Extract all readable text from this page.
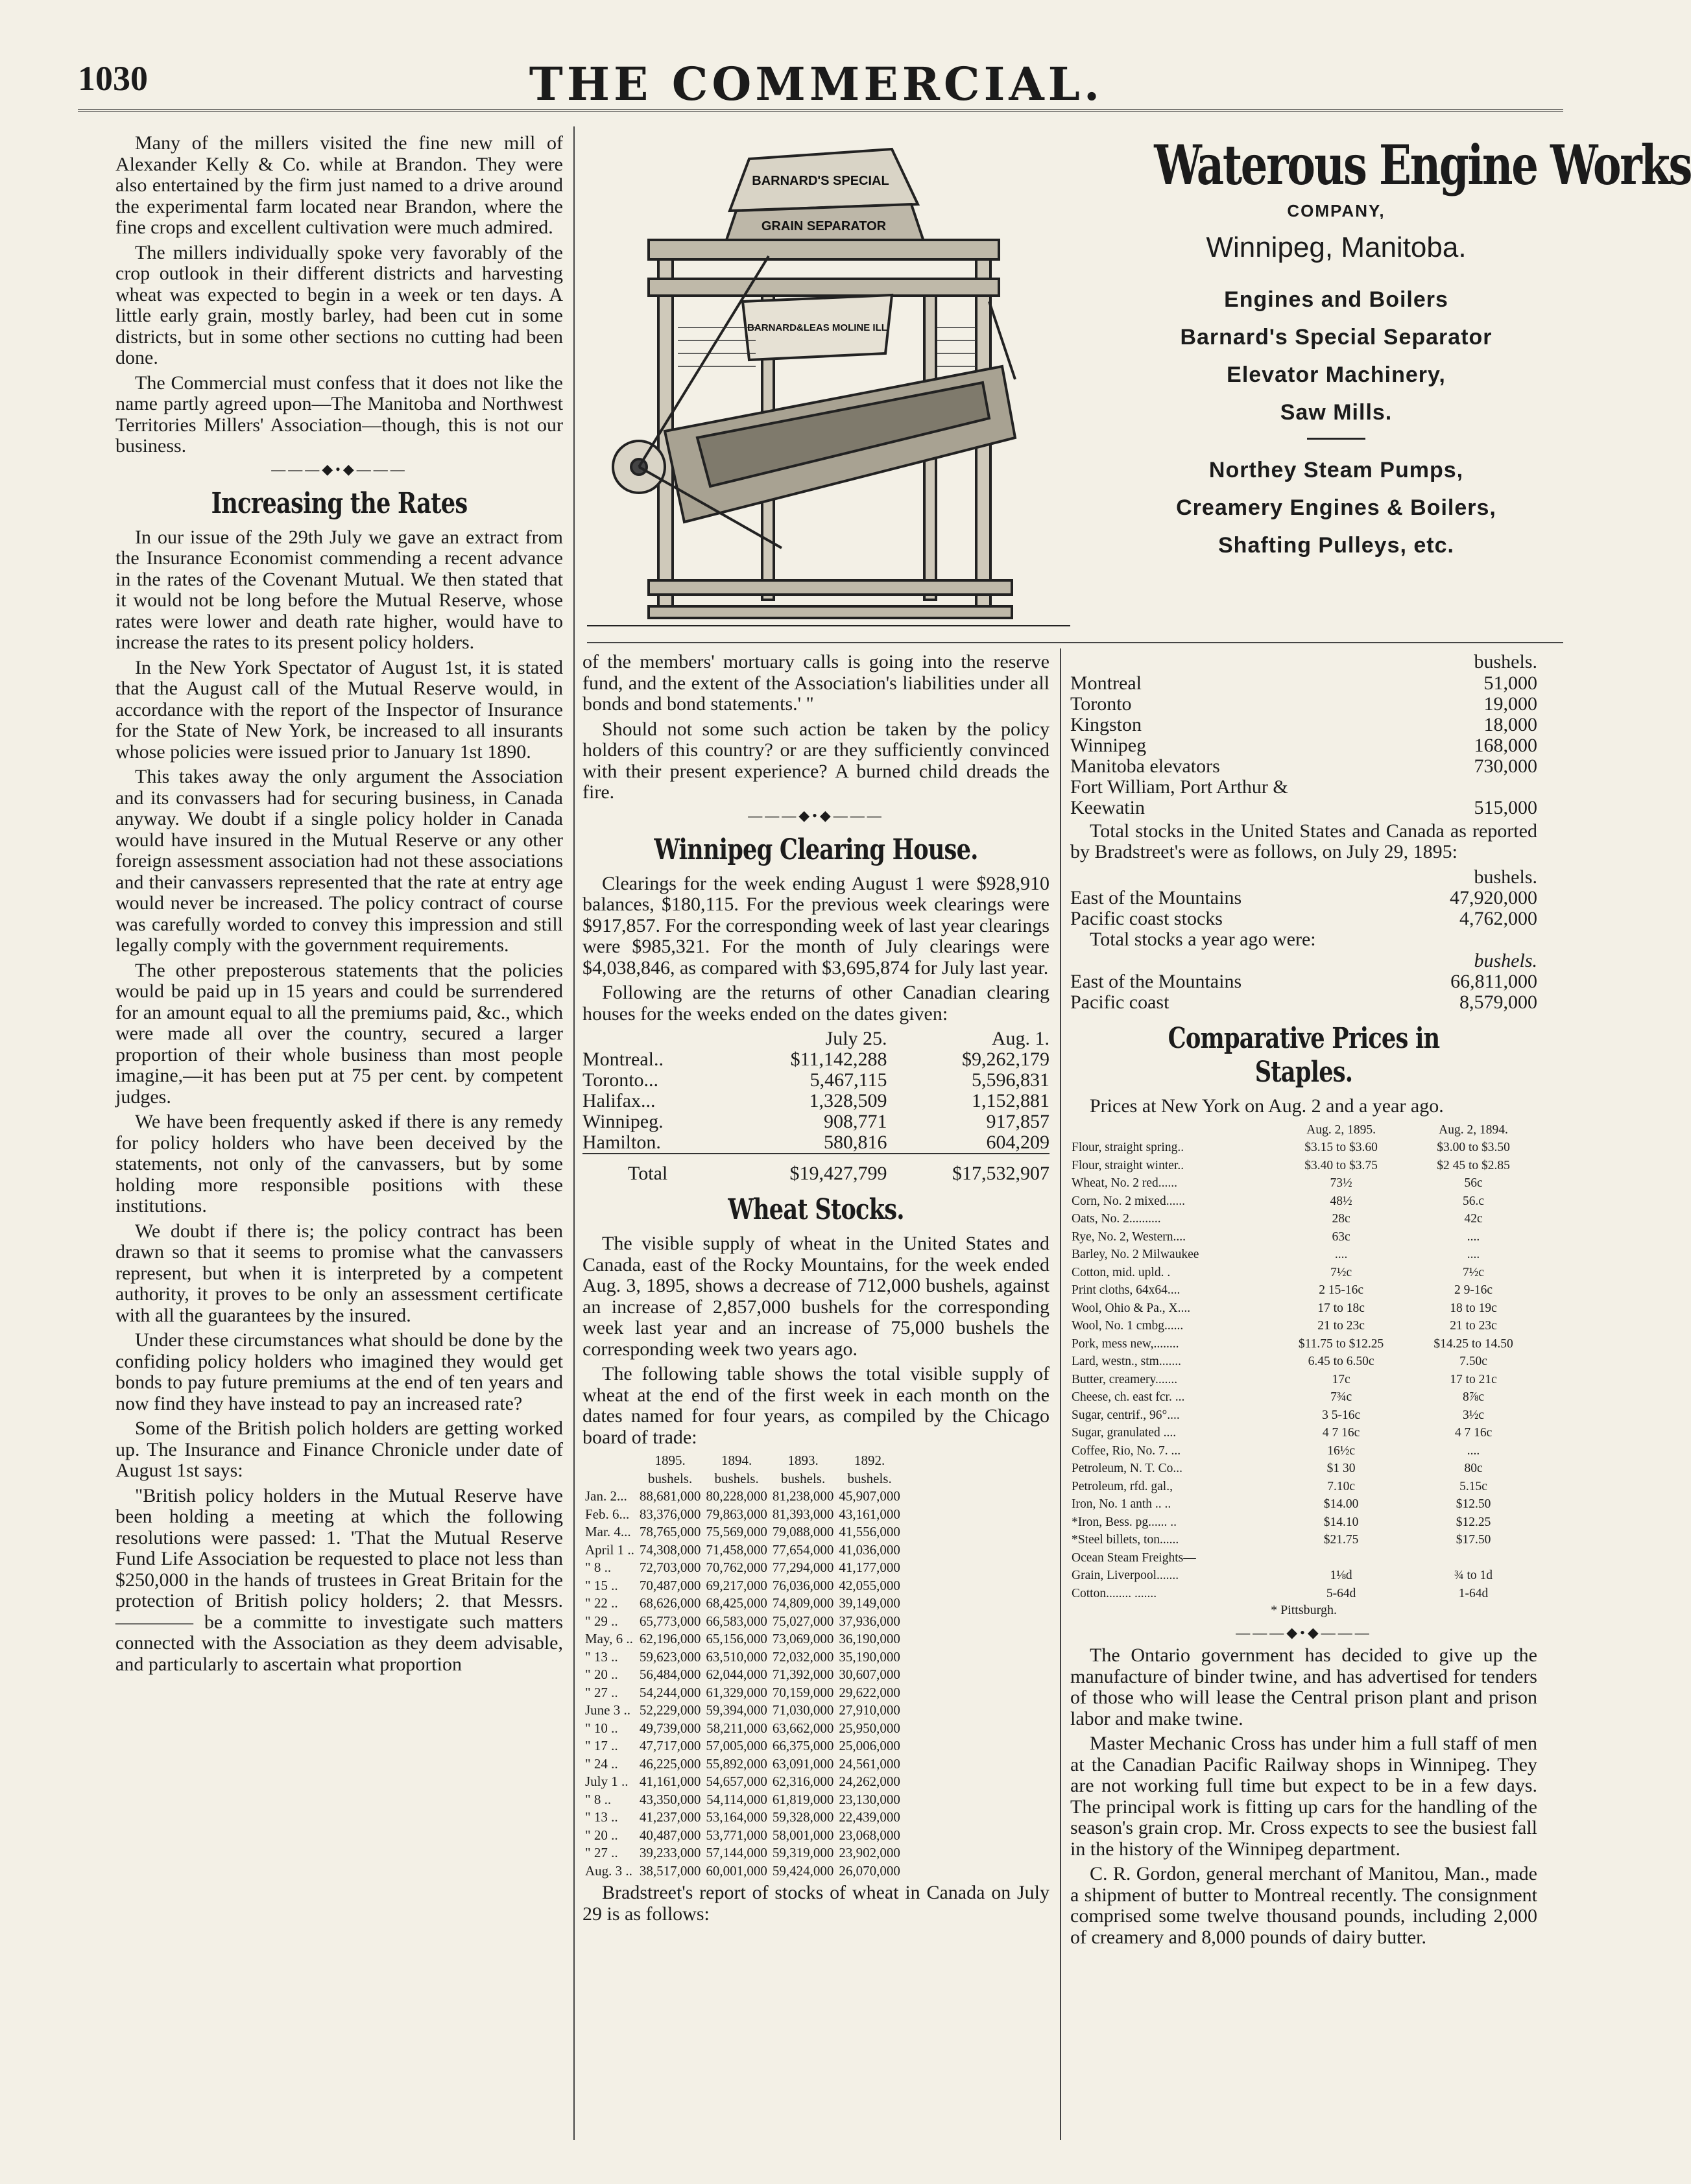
1030	THE COMMERCIAL.

Many of the millers visited the fine new mill of Alexander Kelly & Co. while at Brandon. They were also entertained by the firm just named to a drive around the experimental farm located near Brandon, where the fine crops and excellent cultivation were much admired.

The millers individually spoke very favorably of the crop outlook in their different districts and harvesting wheat was expected to begin in a week or ten days. A little early grain, mostly barley, had been cut in some districts, but in some other sections no cutting had been done.

The Commercial must confess that it does not like the name partly agreed upon—The Manitoba and Northwest Territories Millers' Association—though, this is not our business.

———◆•◆———
Increasing the Rates

In our issue of the 29th July we gave an extract from the Insurance Economist commending a recent advance in the rates of the Covenant Mutual. We then stated that it would not be long before the Mutual Reserve, whose rates were lower and death rate higher, would have to increase the rates to its present policy holders.

In the New York Spectator of August 1st, it is stated that the August call of the Mutual Reserve would, in accordance with the report of the Inspector of Insurance for the State of New York, be increased to all insurants whose policies were issued prior to January 1st 1890.

This takes away the only argument the Association and its convassers had for securing business, in Canada anyway. We doubt if a single policy holder in Canada would have insured in the Mutual Reserve or any other foreign assessment association had not these associations and their canvassers represented that the rate at entry age would never be increased. The policy contract of course was carefully worded to convey this impression and still legally comply with the government requirements.

The other preposterous statements that the policies would be paid up in 15 years and could be surrendered for an amount equal to all the premiums paid, &c., which were made all over the country, secured a larger proportion of their whole business than most people imagine,—it has been put at 75 per cent. by competent judges.

We have been frequently asked if there is any remedy for policy holders who have been deceived by the statements, not only of the canvassers, but by some holding more responsible positions with these institutions.

We doubt if there is; the policy contract has been drawn so that it seems to promise what the canvassers represent, but when it is interpreted by a competent authority, it proves to be only an assessment certificate with all the guarantees by the insured.

Under these circumstances what should be done by the confiding policy holders who imagined they would get bonds to pay future premiums at the end of ten years and now find they have instead to pay an increased rate?

Some of the British polich holders are getting worked up. The Insurance and Finance Chronicle under date of August 1st says:

"British policy holders in the Mutual Reserve have been holding a meeting at which the following resolutions were passed: 1. 'That the Mutual Reserve Fund Life Association be requested to place not less than $250,000 in the hands of trustees in Great Britain for the protection of British policy holders; 2. that Messrs. ———— be a committe to investigate such matters connected with the Association as they deem advisable, and particularly to ascertain what proportion

BARNARD'S SPECIAL
GRAIN SEPARATOR
BARNARD&LEAS MOLINE ILL
Waterous Engine Works
COMPANY,
Winnipeg, Manitoba.
Engines and Boilers
Barnard's Special Separator
Elevator Machinery,
Saw Mills.
Northey Steam Pumps,
Creamery Engines & Boilers,
Shafting Pulleys, etc.

of the members' mortuary calls is going into the reserve fund, and the extent of the Association's liabilities under all bonds and bond statements.' "

Should not some such action be taken by the policy holders of this country? or are they sufficiently convinced with their present experience? A burned child dreads the fire.

———◆•◆———
Winnipeg Clearing House.

Clearings for the week ending August 1 were $928,910 balances, $180,115. For the previous week clearings were $917,857. For the corresponding week of last year clearings were $985,321. For the month of July clearings were $4,038,846, as compared with $3,695,874 for July last year.

Following are the returns of other Canadian clearing houses for the weeks ended on the dates given:

	July 25.	Aug. 1.
Montreal..	$11,142,288	$9,262,179
Toronto...	5,467,115	5,596,831
Halifax...	1,328,509	1,152,881
Winnipeg.	908,771	917,857
Hamilton.	580,816	604,209
Total	$19,427,799	$17,532,907
Wheat Stocks.

The visible supply of wheat in the United States and Canada, east of the Rocky Mountains, for the week ended Aug. 3, 1895, shows a decrease of 712,000 bushels, against an increase of 2,857,000 bushels for the corresponding week last year and an increase of 75,000 bushels the corresponding week two years ago.

The following table shows the total visible supply of wheat at the end of the first week in each month on the dates named for four years, as compiled by the Chicago board of trade:

	1895.	1894.	1893.	1892.
	bushels.	bushels.	bushels.	bushels.
Jan. 2...	88,681,000	80,228,000	81,238,000	45,907,000
Feb. 6...	83,376,000	79,863,000	81,393,000	43,161,000
Mar. 4...	78,765,000	75,569,000	79,088,000	41,556,000
April 1 ..	74,308,000	71,458,000	77,654,000	41,036,000
" 8 ..	72,703,000	70,762,000	77,294,000	41,177,000
" 15 ..	70,487,000	69,217,000	76,036,000	42,055,000
" 22 ..	68,626,000	68,425,000	74,809,000	39,149,000
" 29 ..	65,773,000	66,583,000	75,027,000	37,936,000
May, 6 ..	62,196,000	65,156,000	73,069,000	36,190,000
" 13 ..	59,623,000	63,510,000	72,032,000	35,190,000
" 20 ..	56,484,000	62,044,000	71,392,000	30,607,000
" 27 ..	54,244,000	61,329,000	70,159,000	29,622,000
June 3 ..	52,229,000	59,394,000	71,030,000	27,910,000
" 10 ..	49,739,000	58,211,000	63,662,000	25,950,000
" 17 ..	47,717,000	57,005,000	66,375,000	25,006,000
" 24 ..	46,225,000	55,892,000	63,091,000	24,561,000
July 1 ..	41,161,000	54,657,000	62,316,000	24,262,000
" 8 ..	43,350,000	54,114,000	61,819,000	23,130,000
" 13 ..	41,237,000	53,164,000	59,328,000	22,439,000
" 20 ..	40,487,000	53,771,000	58,001,000	23,068,000
" 27 ..	39,233,000	57,144,000	59,319,000	23,902,000
Aug. 3 ..	38,517,000	60,001,000	59,424,000	26,070,000

Bradstreet's report of stocks of wheat in Canada on July 29 is as follows:

bushels.
Montreal	51,000
Toronto	19,000
Kingston	18,000
Winnipeg	168,000
Manitoba elevators	730,000
Fort William, Port Arthur &	
Keewatin	515,000

Total stocks in the United States and Canada as reported by Bradstreet's were as follows, on July 29, 1895:

bushels.
East of the Mountains	47,920,000
Pacific coast stocks	4,762,000
Total stocks a year ago were:
bushels.
East of the Mountains	66,811,000
Pacific coast	8,579,000
Comparative Prices in Staples.

Prices at New York on Aug. 2 and a year ago.

	Aug. 2, 1895.	Aug. 2, 1894.
Flour, straight spring..	$3.15 to $3.60	$3.00 to $3.50
Flour, straight winter..	$3.40 to $3.75	$2 45 to $2.85
Wheat, No. 2 red......	73½	56c
Corn, No. 2 mixed......	48½	56.c
Oats, No. 2..........	28c	42c
Rye, No. 2, Western....	63c	....
Barley, No. 2 Milwaukee	....	....
Cotton, mid. upld. .	7½c	7½c
Print cloths, 64x64....	2 15-16c	2 9-16c
Wool, Ohio & Pa., X....	17 to 18c	18 to 19c
Wool, No. 1 cmbg......	21 to 23c	21 to 23c
Pork, mess new,........	$11.75 to $12.25	$14.25 to 14.50
Lard, westn., stm.......	6.45 to 6.50c	7.50c
Butter, creamery.......	17c	17 to 21c
Cheese, ch. east fcr. ...	7¾c	8⅞c
Sugar, centrif., 96°....	3 5-16c	3½c
Sugar, granulated ....	4 7 16c	4 7 16c
Coffee, Rio, No. 7. ...	16½c	....
Petroleum, N. T. Co...	$1 30	80c
Petroleum, rfd. gal.,	7.10c	5.15c
Iron, No. 1 anth .. ..	$14.00	$12.50
*Iron, Bess. pg...... ..	$14.10	$12.25
*Steel billets, ton......	$21.75	$17.50
Ocean Steam Freights—		
Grain, Liverpool.......	1⅛d	¾ to 1d
Cotton........ .......	5-64d	1-64d
* Pittsburgh.
———◆•◆———

The Ontario government has decided to give up the manufacture of binder twine, and has advertised for tenders of those who will lease the Central prison plant and prison labor and make twine.

Master Mechanic Cross has under him a full staff of men at the Canadian Pacific Railway shops in Winnipeg. They are not working full time but expect to be in a few days. The principal work is fitting up cars for the handling of the season's grain crop. Mr. Cross expects to see the busiest fall in the history of the Winnipeg department.

C. R. Gordon, general merchant of Manitou, Man., made a shipment of butter to Montreal recently. The consignment comprised some twelve thousand pounds, including 2,000 of creamery and 8,000 pounds of dairy butter.
